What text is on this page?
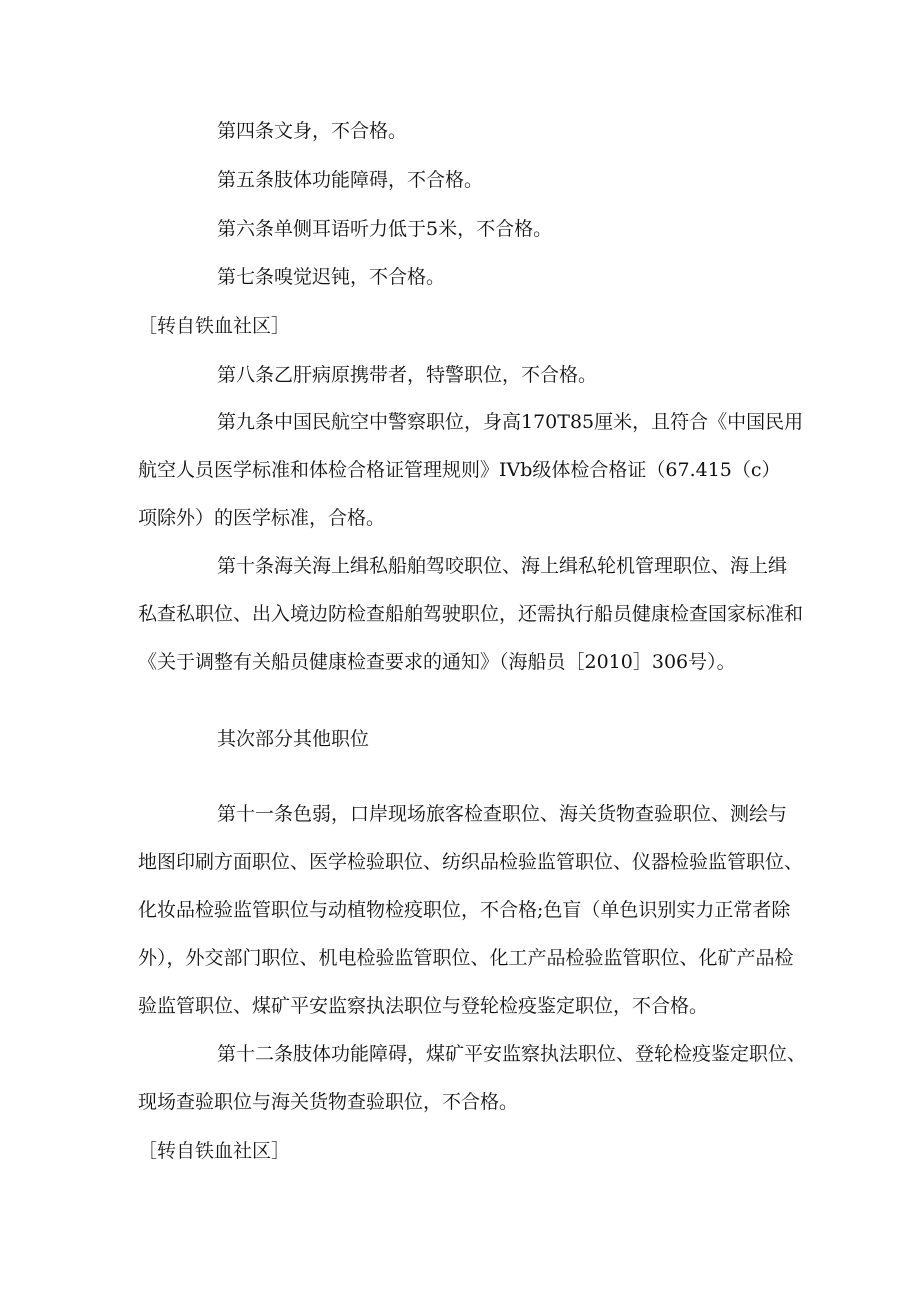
第四条文身，不合格。

第五条肢体功能障碍，不合格。

第六条单侧耳语听力低于5米，不合格。

第七条嗅觉迟钝，不合格。

［转自铁血社区］

第八条乙肝病原携带者，特警职位，不合格。

第九条中国民航空中警察职位，身高170T85厘米，且符合《中国民用

航空人员医学标准和体检合格证管理规则》IVb级体检合格证（67.415（c）

项除外）的医学标准，合格。

第十条海关海上缉私船舶驾咬职位、海上缉私轮机管理职位、海上缉

私查私职位、出入境边防检查船舶驾驶职位，还需执行船员健康检查国家标准和

《关于调整有关船员健康检查要求的通知》（海船员［2010］306号）。

其次部分其他职位

第十一条色弱，口岸现场旅客检查职位、海关货物查验职位、测绘与

地图印刷方面职位、医学检验职位、纺织品检验监管职位、仪器检验监管职位、

化妆品检验监管职位与动植物检疫职位，不合格;色盲（单色识别实力正常者除

外），外交部门职位、机电检验监管职位、化工产品检验监管职位、化矿产品检

验监管职位、煤矿平安监察执法职位与登轮检疫鉴定职位，不合格。

第十二条肢体功能障碍，煤矿平安监察执法职位、登轮检疫鉴定职位、

现场查验职位与海关货物查验职位，不合格。

［转自铁血社区］
